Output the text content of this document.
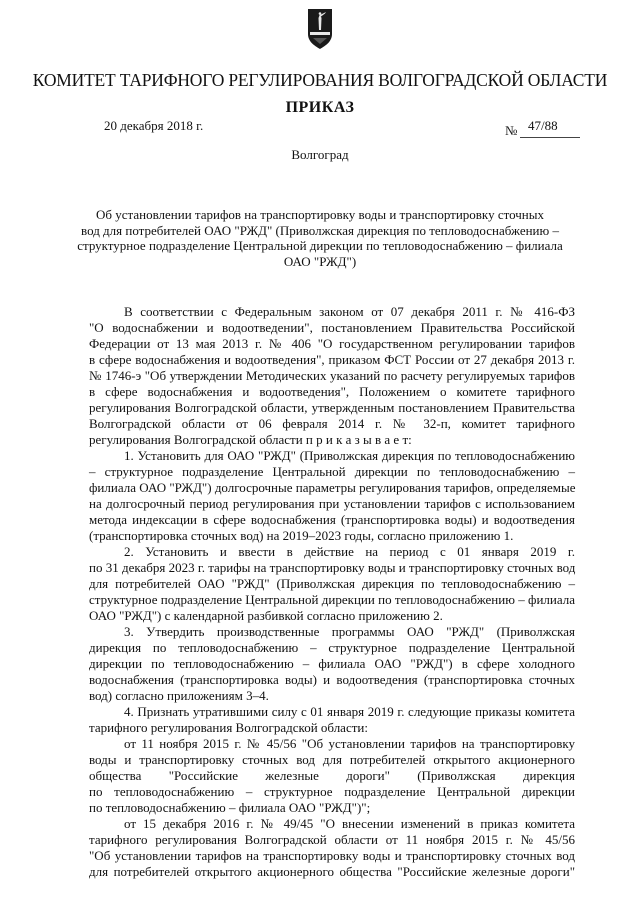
КОМИТЕТ ТАРИФНОГО РЕГУЛИРОВАНИЯ ВОЛГОГРАДСКОЙ ОБЛАСТИ
ПРИКАЗ
20 декабря 2018 г.	№ 47/88
Волгоград
Об установлении тарифов на транспортировку воды и транспортировку сточных
вод для потребителей ОАО "РЖД" (Приволжская дирекция по тепловодоснабжению –
структурное подразделение Центральной дирекции по тепловодоснабжению – филиала
ОАО "РЖД")
В соответствии с Федеральным законом от 07 декабря 2011 г. № 416-ФЗ
"О водоснабжении и водоотведении", постановлением Правительства Российской
Федерации от 13 мая 2013 г. № 406 "О государственном регулировании тарифов
в сфере водоснабжения и водоотведения", приказом ФСТ России от 27 декабря 2013 г.
№ 1746-э "Об утверждении Методических указаний по расчету регулируемых тарифов
в сфере водоснабжения и водоотведения", Положением о комитете тарифного
регулирования Волгоградской области, утвержденным постановлением Правительства
Волгоградской области от 06 февраля 2014 г. № 32-п, комитет тарифного
регулирования Волгоградской области п р и к а з ы в а е т:
1. Установить для ОАО "РЖД" (Приволжская дирекция по тепловодоснабжению
– структурное подразделение Центральной дирекции по тепловодоснабжению –
филиала ОАО "РЖД") долгосрочные параметры регулирования тарифов, определяемые
на долгосрочный период регулирования при установлении тарифов с использованием
метода индексации в сфере водоснабжения (транспортировка воды) и водоотведения
(транспортировка сточных вод) на 2019–2023 годы, согласно приложению 1.
2. Установить и ввести в действие на период с 01 января 2019 г.
по 31 декабря 2023 г. тарифы на транспортировку воды и транспортировку сточных вод
для потребителей ОАО "РЖД" (Приволжская дирекция по тепловодоснабжению –
структурное подразделение Центральной дирекции по тепловодоснабжению – филиала
ОАО "РЖД") с календарной разбивкой согласно приложению 2.
3. Утвердить производственные программы ОАО "РЖД" (Приволжская
дирекция по тепловодоснабжению – структурное подразделение Центральной
дирекции по тепловодоснабжению – филиала ОАО "РЖД") в сфере холодного
водоснабжения (транспортировка воды) и водоотведения (транспортировка сточных
вод) согласно приложениям 3–4.
4. Признать утратившими силу с 01 января 2019 г. следующие приказы комитета
тарифного регулирования Волгоградской области:
от 11 ноября 2015 г. № 45/56 "Об установлении тарифов на транспортировку
воды и транспортировку сточных вод для потребителей открытого акционерного
общества "Российские железные дороги" (Приволжская дирекция
по тепловодоснабжению – структурное подразделение Центральной дирекции
по тепловодоснабжению – филиала ОАО "РЖД")";
от 15 декабря 2016 г. № 49/45 "О внесении изменений в приказ комитета
тарифного регулирования Волгоградской области от 11 ноября 2015 г. № 45/56
"Об установлении тарифов на транспортировку воды и транспортировку сточных вод
для потребителей открытого акционерного общества "Российские железные дороги"
